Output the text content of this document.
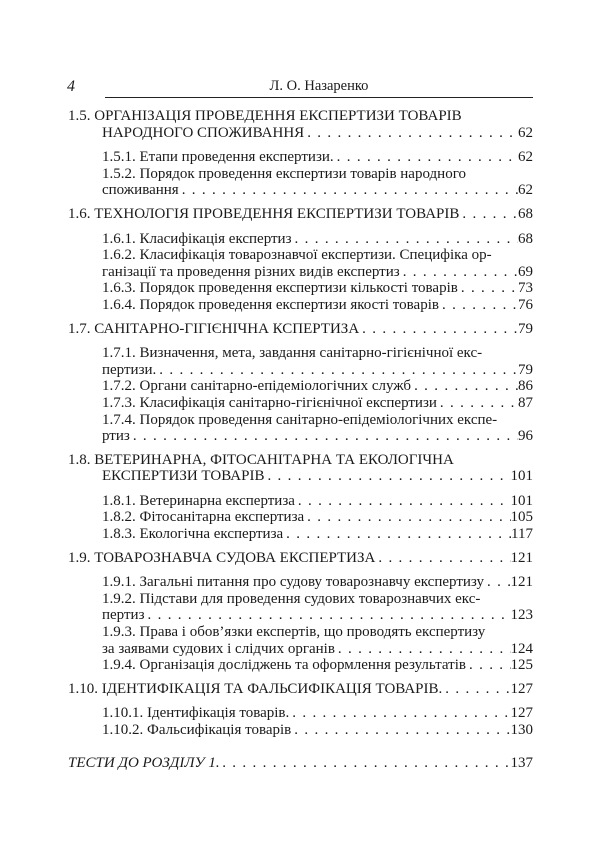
4	Л. О. Назаренко
1.5.
ОРГАНІЗАЦІЯ ПРОВЕДЕННЯ ЕКСПЕРТИЗИ ТОВАРІВ
НАРОДНОГО СПОЖИВАННЯ . . .	62
1.5.1.
Етапи проведення експертизи. . . .	62
1.5.2.
Порядок проведення експертизи товарів народного
споживання . . .	62
1.6.
ТЕХНОЛОГІЯ ПРОВЕДЕННЯ ЕКСПЕРТИЗИ ТОВАРІВ . . .	68
1.6.1.
Класифікація експертиз . . .	68
1.6.2.
Класифікація товарознавчої експертизи. Специфіка ор-
ганізації та проведення різних видів експертиз . . .	69
1.6.3.
Порядок проведення експертизи кількості товарів . . .	73
1.6.4.
Порядок проведення експертизи якості товарів . . .	76
1.7.
САНІТАРНО-ГІГІЄНІЧНА КСПЕРТИЗА . . .	79
1.7.1.
Визначення, мета, завдання санітарно-гігієнічної екс-
пертизи. . . .	79
1.7.2.
Органи санітарно-епідеміологічних служб . . .	86
1.7.3.
Класифікація санітарно-гігієнічної експертизи . . .	87
1.7.4.
Порядок проведення санітарно-епідеміологічних експе-
ртиз . . .	96
1.8.
ВЕТЕРИНАРНА, ФІТОСАНІТАРНА ТА ЕКОЛОГІЧНА
ЕКСПЕРТИЗИ ТОВАРІВ . . .	101
1.8.1.
Ветеринарна експертиза . . .	101
1.8.2.
Фітосанітарна експертиза . . .	105
1.8.3.
Екологічна експертиза . . .	117
1.9.
ТОВАРОЗНАВЧА СУДОВА ЕКСПЕРТИЗА . . .	121
1.9.1.
Загальні питання про судову товарознавчу експертизу . . . 121
1.9.2.
Підстави для проведення судових товарознавчих екс-
пертиз . . .	123
1.9.3.
Права і обов’язки експертів, що проводять експертизу
за заявами судових і слідчих органів . . .	124
1.9.4.
Організація досліджень та оформлення результатів . . .	125
1.10.
ІДЕНТИФІКАЦІЯ ТА ФАЛЬСИФІКАЦІЯ ТОВАРІВ. . . .	127
1.10.1.
Ідентифікація товарів. . . .	127
1.10.2.
Фальсифікація товарів . . .	130
ТЕСТИ ДО РОЗДІЛУ 1. . . .	137
